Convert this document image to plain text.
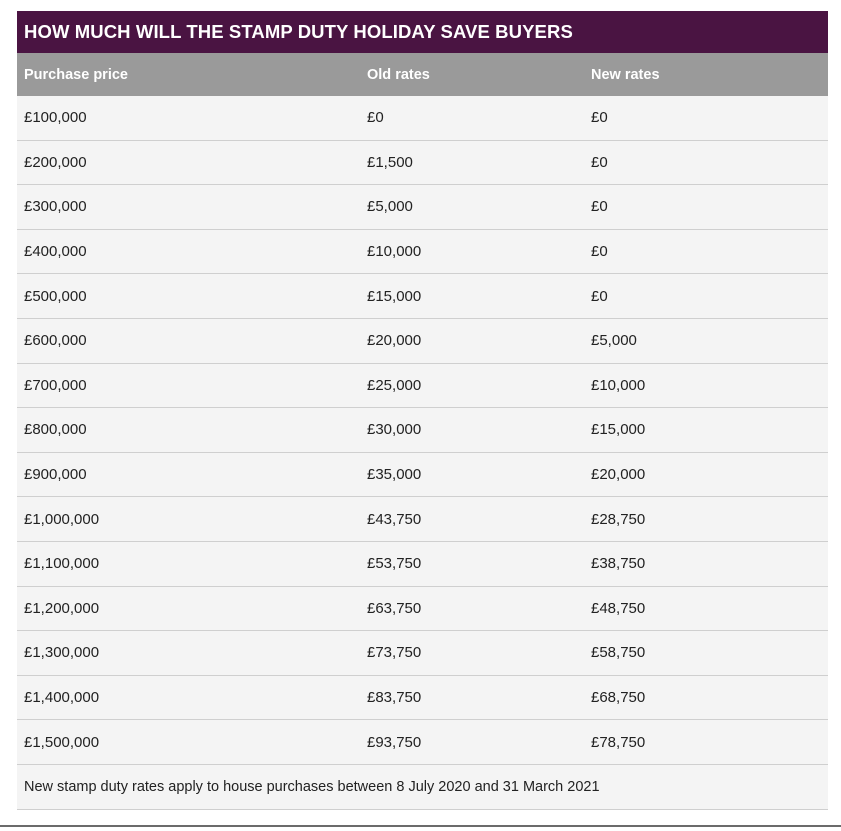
HOW MUCH WILL THE STAMP DUTY HOLIDAY SAVE BUYERS
Purchase price	Old rates	New rates
£100,000	£0	£0
£200,000	£1,500	£0
£300,000	£5,000	£0
£400,000	£10,000	£0
£500,000	£15,000	£0
£600,000	£20,000	£5,000
£700,000	£25,000	£10,000
£800,000	£30,000	£15,000
£900,000	£35,000	£20,000
£1,000,000	£43,750	£28,750
£1,100,000	£53,750	£38,750
£1,200,000	£63,750	£48,750
£1,300,000	£73,750	£58,750
£1,400,000	£83,750	£68,750
£1,500,000	£93,750	£78,750
New stamp duty rates apply to house purchases between 8 July 2020 and 31 March 2021
